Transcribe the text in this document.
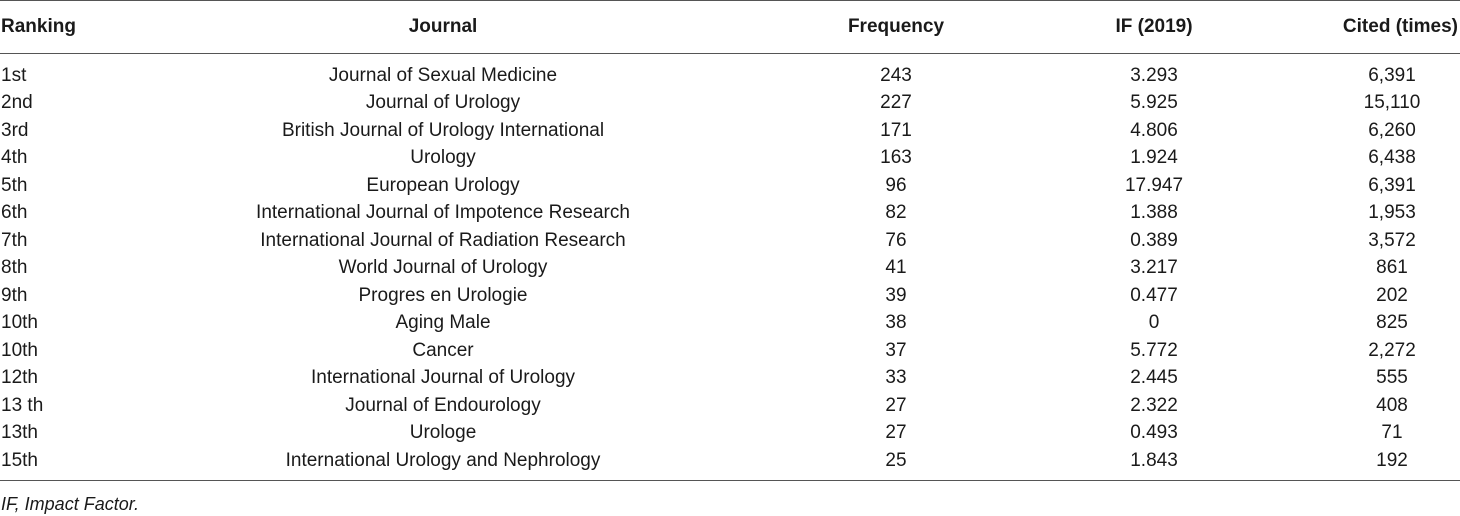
Ranking	Journal	Frequency	IF (2019)	Cited (times)
1st	Journal of Sexual Medicine	243	3.293	6,391
2nd	Journal of Urology	227	5.925	15,110
3rd	British Journal of Urology International	171	4.806	6,260
4th	Urology	163	1.924	6,438
5th	European Urology	96	17.947	6,391
6th	International Journal of Impotence Research	82	1.388	1,953
7th	International Journal of Radiation Research	76	0.389	3,572
8th	World Journal of Urology	41	3.217	861
9th	Progres en Urologie	39	0.477	202
10th	Aging Male	38	0	825
10th	Cancer	37	5.772	2,272
12th	International Journal of Urology	33	2.445	555
13 th	Journal of Endourology	27	2.322	408
13th	Urologe	27	0.493	71
15th	International Urology and Nephrology	25	1.843	192
IF, Impact Factor.
